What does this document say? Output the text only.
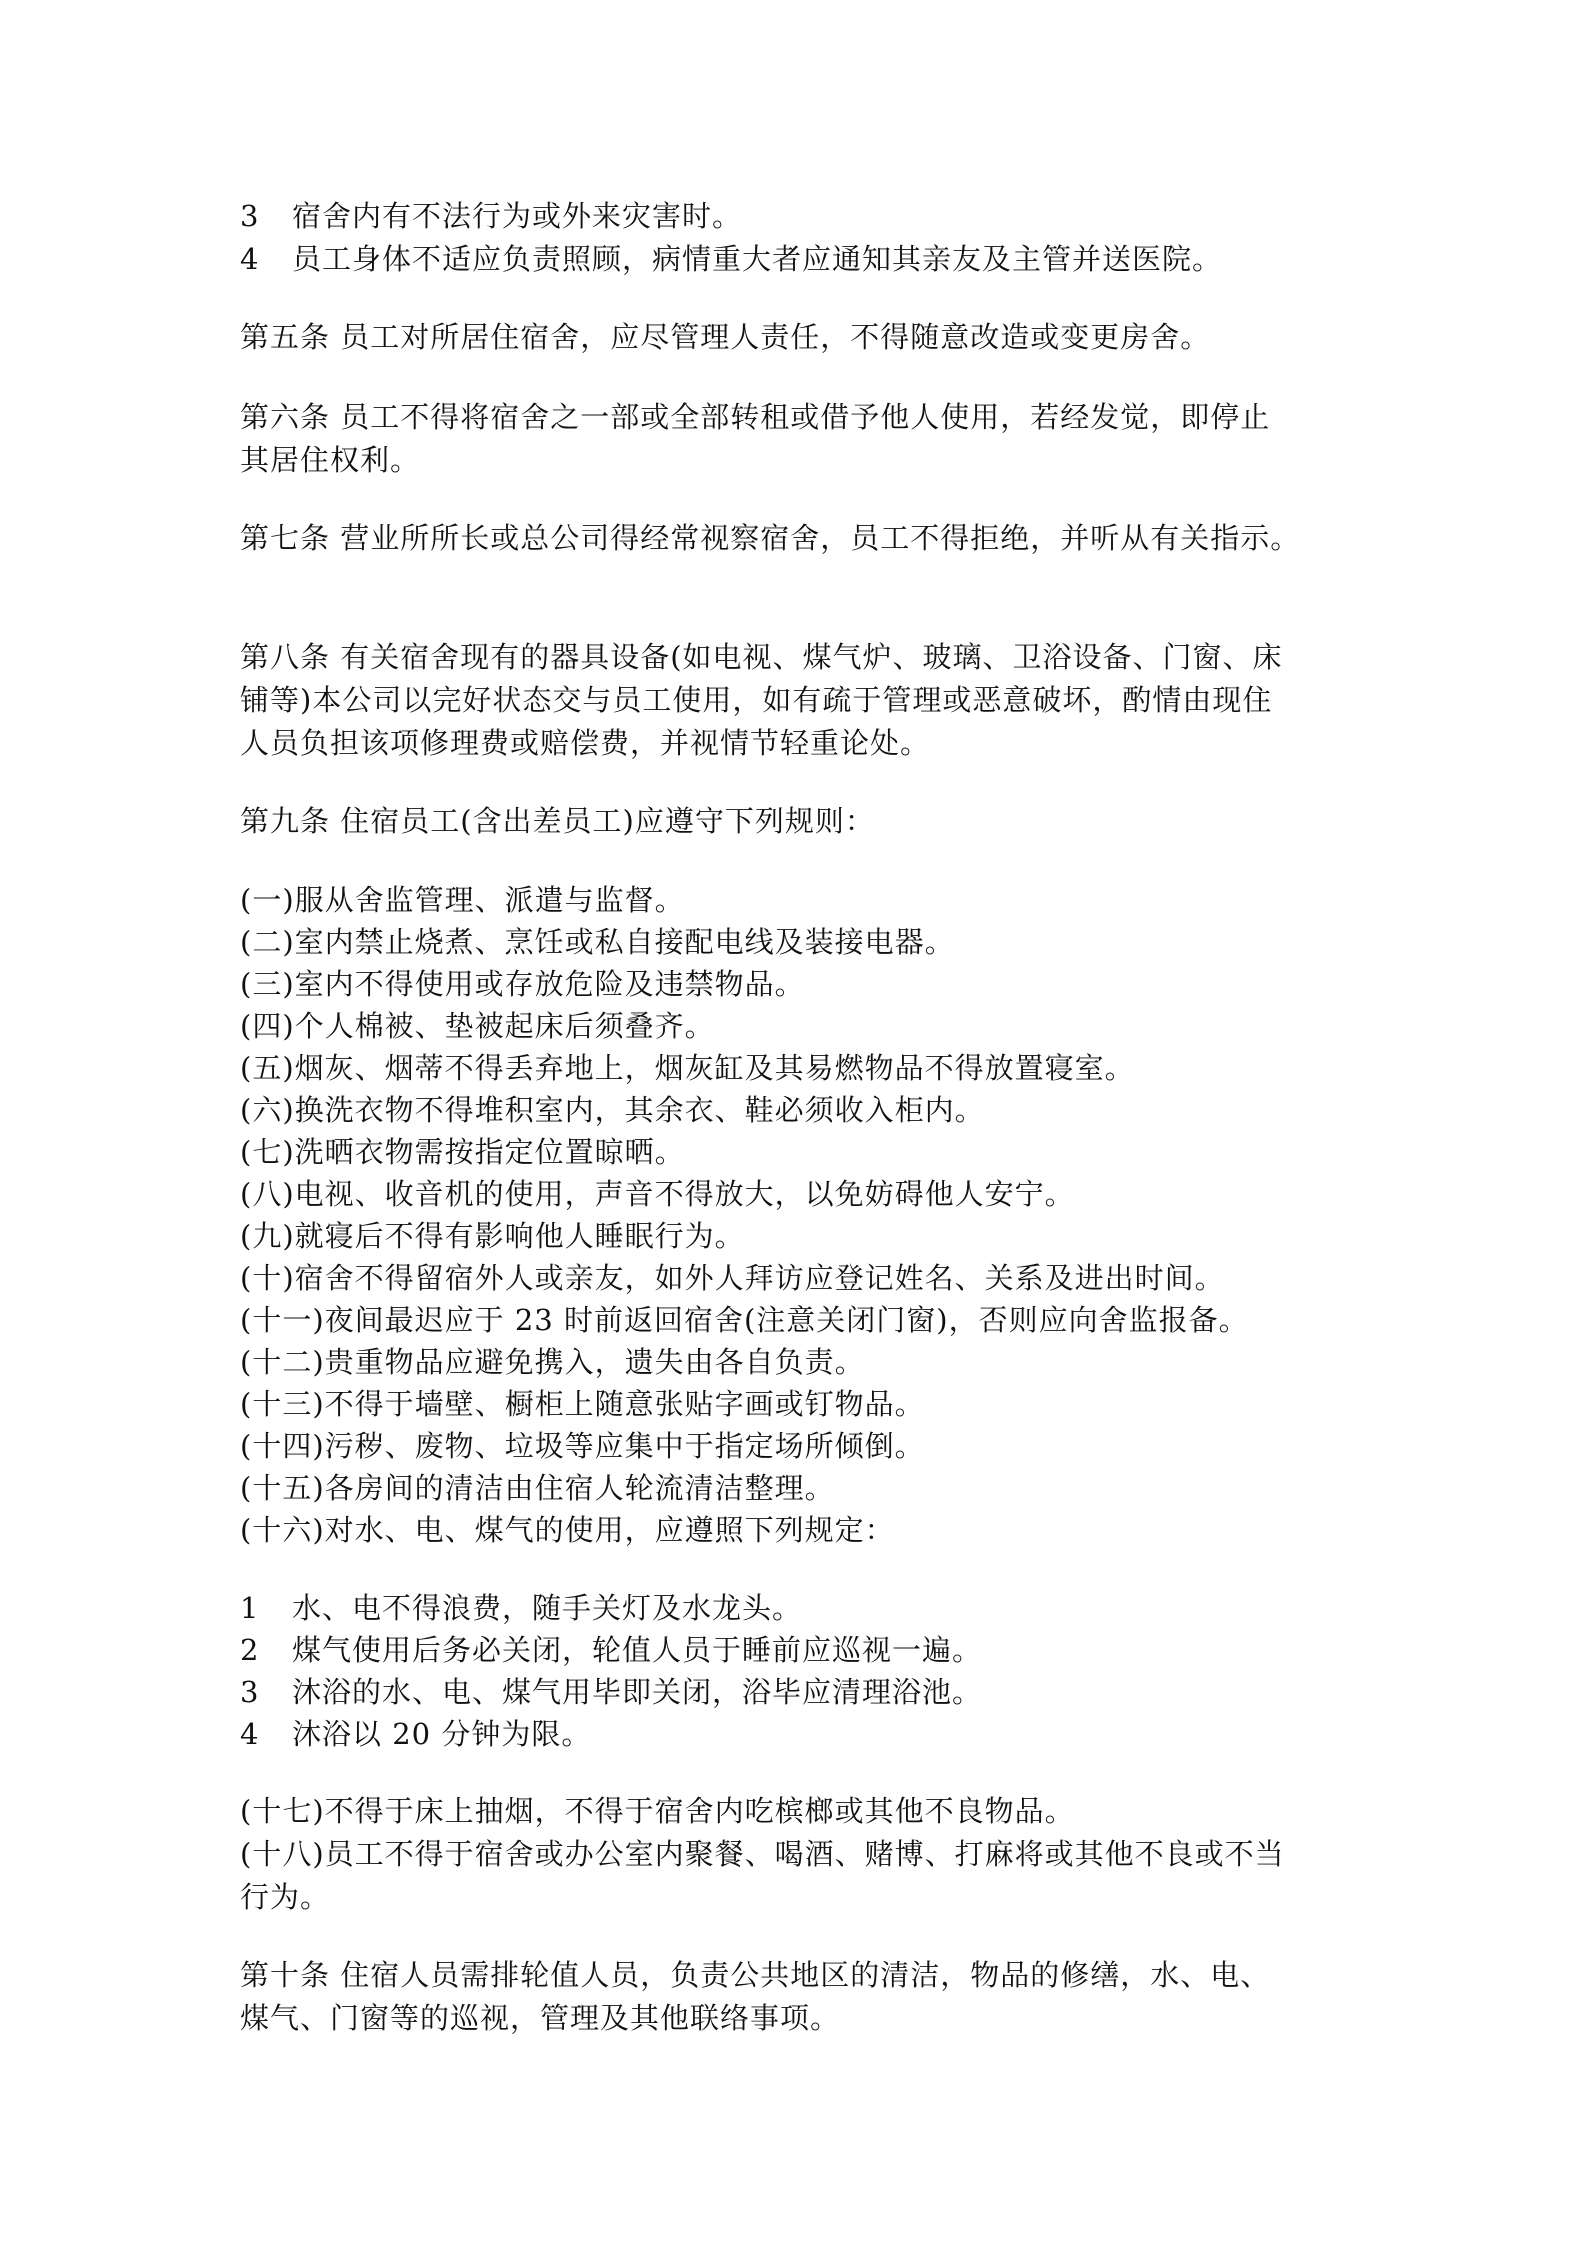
3 宿舍内有不法行为或外来灾害时。
4 员工身体不适应负责照顾，病情重大者应通知其亲友及主管并送医院。
第五条 员工对所居住宿舍，应尽管理人责任，不得随意改造或变更房舍。
第六条 员工不得将宿舍之一部或全部转租或借予他人使用，若经发觉，即停止
其居住权利。
第七条 营业所所长或总公司得经常视察宿舍，员工不得拒绝，并听从有关指示。
第八条 有关宿舍现有的器具设备(如电视、煤气炉、玻璃、卫浴设备、门窗、床
铺等)本公司以完好状态交与员工使用，如有疏于管理或恶意破坏，酌情由现住
人员负担该项修理费或赔偿费，并视情节轻重论处。
第九条 住宿员工(含出差员工)应遵守下列规则：
(一)服从舍监管理、派遣与监督。
(二)室内禁止烧煮、烹饪或私自接配电线及装接电器。
(三)室内不得使用或存放危险及违禁物品。
(四)个人棉被、垫被起床后须叠齐。
(五)烟灰、烟蒂不得丢弃地上，烟灰缸及其易燃物品不得放置寝室。
(六)换洗衣物不得堆积室内，其余衣、鞋必须收入柜内。
(七)洗晒衣物需按指定位置晾晒。
(八)电视、收音机的使用，声音不得放大，以免妨碍他人安宁。
(九)就寝后不得有影响他人睡眠行为。
(十)宿舍不得留宿外人或亲友，如外人拜访应登记姓名、关系及进出时间。
(十一)夜间最迟应于 23 时前返回宿舍(注意关闭门窗)，否则应向舍监报备。
(十二)贵重物品应避免携入，遗失由各自负责。
(十三)不得于墙壁、橱柜上随意张贴字画或钉物品。
(十四)污秽、废物、垃圾等应集中于指定场所倾倒。
(十五)各房间的清洁由住宿人轮流清洁整理。
(十六)对水、电、煤气的使用，应遵照下列规定：
1 水、电不得浪费，随手关灯及水龙头。
2 煤气使用后务必关闭，轮值人员于睡前应巡视一遍。
3 沐浴的水、电、煤气用毕即关闭，浴毕应清理浴池。
4 沐浴以 20 分钟为限。
(十七)不得于床上抽烟，不得于宿舍内吃槟榔或其他不良物品。
(十八)员工不得于宿舍或办公室内聚餐、喝酒、赌博、打麻将或其他不良或不当
行为。
第十条 住宿人员需排轮值人员，负责公共地区的清洁，物品的修缮，水、电、
煤气、门窗等的巡视，管理及其他联络事项。
